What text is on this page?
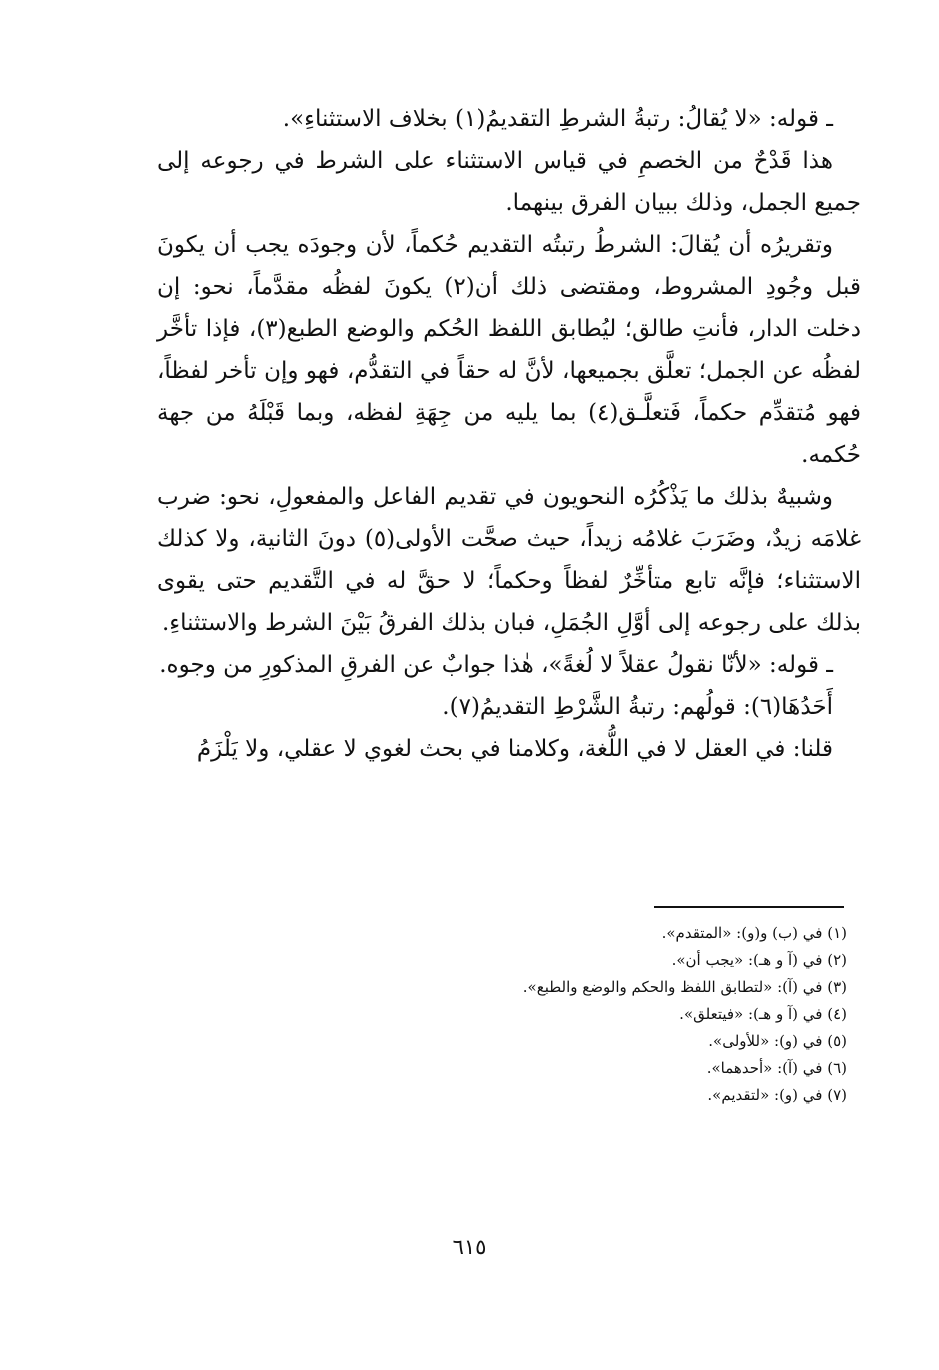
ـ قوله: «لا يُقالُ: رتبةُ الشرطِ التقديمُ(١) بخلاف الاستثناءِ».

هذا قَدْحٌ من الخصمِ في قياس الاستثناء على الشرط في رجوعه إلى جميع الجمل، وذلك ببيان الفرق بينهما.

وتقريرُه أن يُقالَ: الشرطُ رتبتُه التقديم حُكماً، لأن وجودَه يجب أن يكونَ قبل وجُودِ المشروط، ومقتضى ذلك أن(٢) يكونَ لفظُه مقدَّماً، نحو: إن دخلت الدار، فأنتِ طالق؛ ليُطابق اللفظ الحُكم والوضع الطبع(٣)، فإذا تأخَّر لفظُه عن الجمل؛ تعلَّق بجميعها، لأنَّ له حقاً في التقدُّم، فهو وإن تأخر لفظاً، فهو مُتقدِّم حكماً، فَتعلَّـق(٤) بما يليه من جِهَةِ لفظه، وبما قَبْلَهُ من جهة حُكمه.

وشبيهٌ بذلك ما يَذْكُرُه النحويون في تقديم الفاعل والمفعولِ، نحو: ضرب غلامَه زيدٌ، وضَرَبَ غلامُه زيداً، حيث صحَّت الأولى(٥) دونَ الثانية، ولا كذلك الاستثناء؛ فإنَّه تابع متأخِّرٌ لفظاً وحكماً؛ لا حقَّ له في التَّقديم حتى يقوى بذلك على رجوعه إلى أوَّلِ الجُمَلِ، فبان بذلك الفرقُ بَيْنَ الشرط والاستثناءِ.

ـ قوله: «لأنّا نقولُ عقلاً لا لُغةً»، هٰذا جوابٌ عن الفرقِ المذكورِ من وجوه.

أَحَدُهَا(٦): قولُهم: رتبةُ الشَّرْطِ التقديمُ(٧).

قلنا: في العقل لا في اللُّغة، وكلامنا في بحث لغوي لا عقلي، ولا يَلْزَمُ

(١) في (ب) و(و): «المتقدم».
(٢) في (آ و هـ): «يجب أن».
(٣) في (آ): «لتطابق اللفظ والحكم والوضع والطبع».
(٤) في (آ و هـ): «فيتعلق».
(٥) في (و): «للأولى».
(٦) في (آ): «أحدهما».
(٧) في (و): «لتقديم».
٦١٥
